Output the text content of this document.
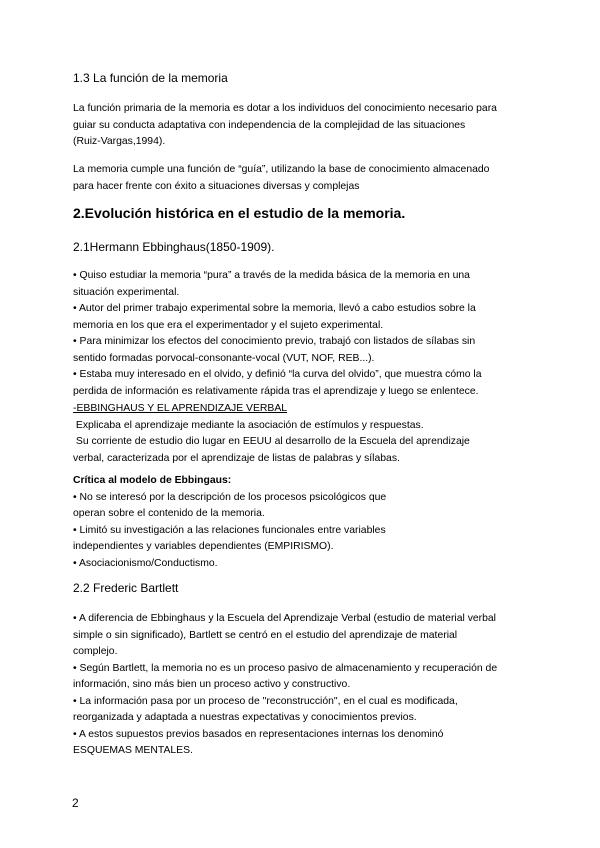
1.3 La función de la memoria
La función primaria de la memoria es dotar a los individuos del conocimiento necesario para
guiar su conducta adaptativa con independencia de la complejidad de las situaciones
(Ruiz-Vargas,1994).
La memoria cumple una función de “guía”, utilizando la base de conocimiento almacenado
para hacer frente con éxito a situaciones diversas y complejas
2.Evolución histórica en el estudio de la memoria.
2.1Hermann Ebbinghaus(1850-1909).
• Quiso estudiar la memoria “pura” a través de la medida básica de la memoria en una
situación experimental.
• Autor del primer trabajo experimental sobre la memoria, llevó a cabo estudios sobre la
memoria en los que era el experimentador y el sujeto experimental.
• Para minimizar los efectos del conocimiento previo, trabajó con listados de sílabas sin
sentido formadas porvocal-consonante-vocal (VUT, NOF, REB...).
• Estaba muy interesado en el olvido, y definió “la curva del olvido”, que muestra cómo la
perdida de información es relativamente rápida tras el aprendizaje y luego se enlentece.
-EBBINGHAUS Y EL APRENDIZAJE VERBAL
Explicaba el aprendizaje mediante la asociación de estímulos y respuestas.
Su corriente de estudio dio lugar en EEUU al desarrollo de la Escuela del aprendizaje
verbal, caracterizada por el aprendizaje de listas de palabras y sílabas.
Crítica al modelo de Ebbingaus:
• No se interesó por la descripción de los procesos psicológicos que
operan sobre el contenido de la memoria.
• Limitó su investigación a las relaciones funcionales entre variables
independientes y variables dependientes (EMPIRISMO).
• Asociacionismo/Conductismo.
2.2 Frederic Bartlett
• A diferencia de Ebbinghaus y la Escuela del Aprendizaje Verbal (estudio de material verbal
simple o sin significado), Bartlett se centró en el estudio del aprendizaje de material
complejo.
• Según Bartlett, la memoria no es un proceso pasivo de almacenamiento y recuperación de
información, sino más bien un proceso activo y constructivo.
• La información pasa por un proceso de "reconstrucción", en el cual es modificada,
reorganizada y adaptada a nuestras expectativas y conocimientos previos.
• A estos supuestos previos basados en representaciones internas los denominó
ESQUEMAS MENTALES.
2
